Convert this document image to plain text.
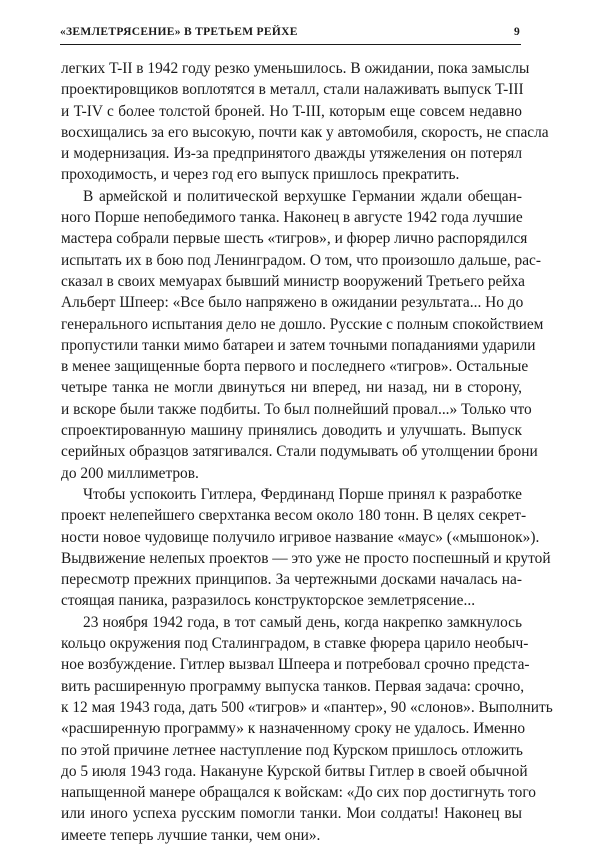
«ЗЕМЛЕТРЯСЕНИЕ» В ТРЕТЬЕМ РЕЙХЕ	9

легких T-II в 1942 году резко уменьшилось. В ожидании, пока замыслы
проектировщиков воплотятся в металл, стали налаживать выпуск T-III
и T-IV с более толстой броней. Но T-III, которым еще совсем недавно
восхищались за его высокую, почти как у автомобиля, скорость, не спасла
и модернизация. Из-за предпринятого дважды утяжеления он потерял
проходимость, и через год его выпуск пришлось прекратить.

В армейской и политической верхушке Германии ждали обещан-
ного Порше непобедимого танка. Наконец в августе 1942 года лучшие
мастера собрали первые шесть «тигров», и фюрер лично распорядился
испытать их в бою под Ленинградом. О том, что произошло дальше, рас-
сказал в своих мемуарах бывший министр вооружений Третьего рейха
Альберт Шпеер: «Все было напряжено в ожидании результата... Но до
генерального испытания дело не дошло. Русские с полным спокойствием
пропустили танки мимо батареи и затем точными попаданиями ударили
в менее защищенные борта первого и последнего «тигров». Остальные
четыре танка не могли двинуться ни вперед, ни назад, ни в сторону,
и вскоре были также подбиты. То был полнейший провал...» Только что
спроектированную машину принялись доводить и улучшать. Выпуск
серийных образцов затягивался. Стали подумывать об утолщении брони
до 200 миллиметров.

Чтобы успокоить Гитлера, Фердинанд Порше принял к разработке
проект нелепейшего сверхтанка весом около 180 тонн. В целях секрет-
ности новое чудовище получило игривое название «маус» («мышонок»).
Выдвижение нелепых проектов — это уже не просто поспешный и крутой
пересмотр прежних принципов. За чертежными досками началась на-
стоящая паника, разразилось конструкторское землетрясение...

23 ноября 1942 года, в тот самый день, когда накрепко замкнулось
кольцо окружения под Сталинградом, в ставке фюрера царило необыч-
ное возбуждение. Гитлер вызвал Шпеера и потребовал срочно предста-
вить расширенную программу выпуска танков. Первая задача: срочно,
к 12 мая 1943 года, дать 500 «тигров» и «пантер», 90 «слонов». Выполнить
«расширенную программу» к назначенному сроку не удалось. Именно
по этой причине летнее наступление под Курском пришлось отложить
до 5 июля 1943 года. Накануне Курской битвы Гитлер в своей обычной
напыщенной манере обращался к войскам: «До сих пор достигнуть того
или иного успеха русским помогли танки. Мои солдаты! Наконец вы
имеете теперь лучшие танки, чем они».
